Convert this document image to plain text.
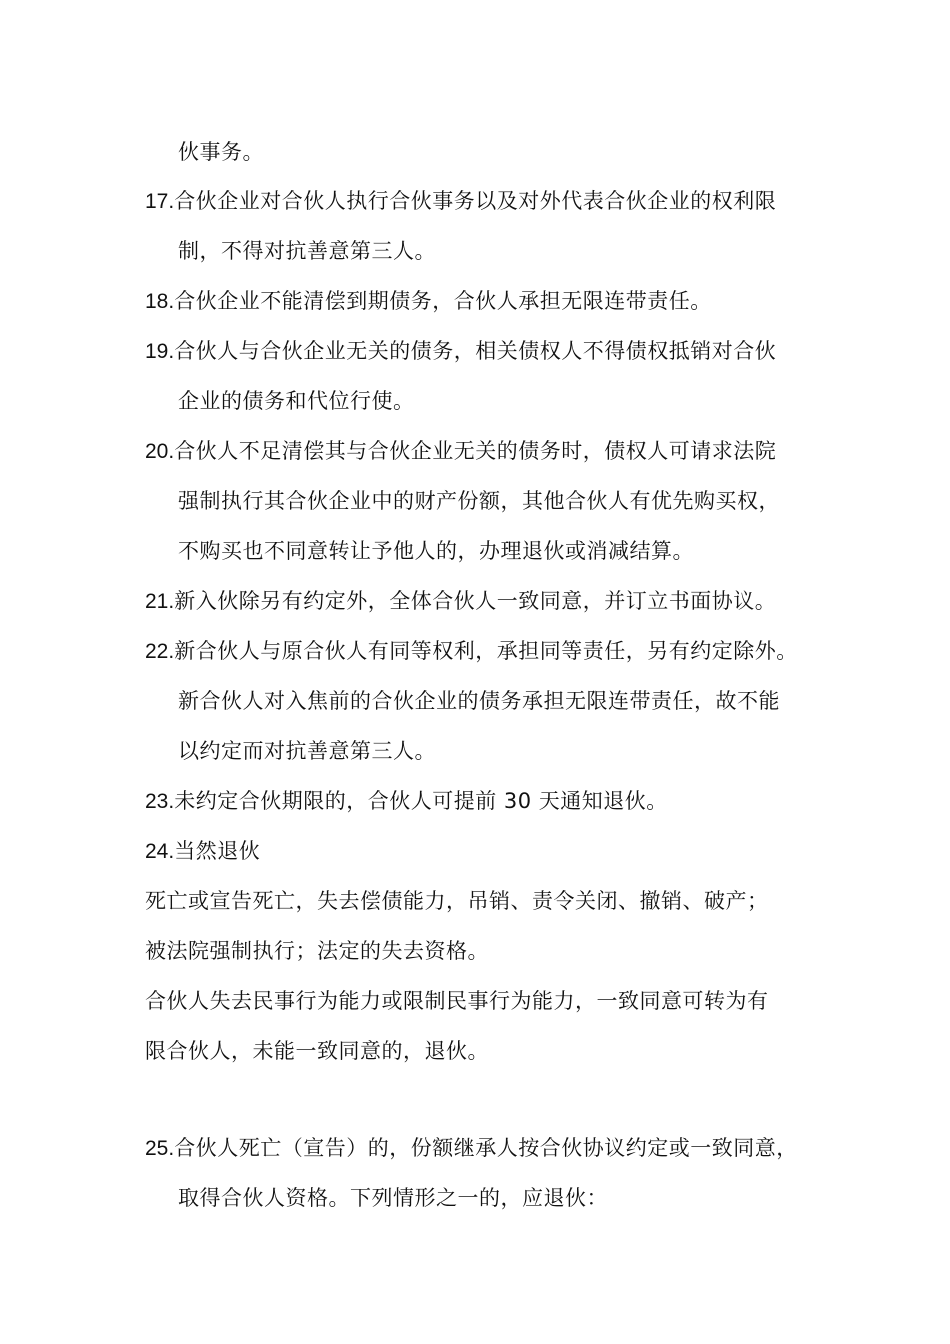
伙事务。
17.合伙企业对合伙人执行合伙事务以及对外代表合伙企业的权利限
制，不得对抗善意第三人。
18.合伙企业不能清偿到期债务，合伙人承担无限连带责任。
19.合伙人与合伙企业无关的债务，相关债权人不得债权抵销对合伙
企业的债务和代位行使。
20.合伙人不足清偿其与合伙企业无关的债务时，债权人可请求法院
强制执行其合伙企业中的财产份额，其他合伙人有优先购买权，
不购买也不同意转让予他人的，办理退伙或消减结算。
21.新入伙除另有约定外，全体合伙人一致同意，并订立书面协议。
22.新合伙人与原合伙人有同等权利，承担同等责任，另有约定除外。
新合伙人对入焦前的合伙企业的债务承担无限连带责任，故不能
以约定而对抗善意第三人。
23.未约定合伙期限的，合伙人可提前 30 天通知退伙。
24.当然退伙
死亡或宣告死亡，失去偿债能力，吊销、责令关闭、撤销、破产；
被法院强制执行；法定的失去资格。
合伙人失去民事行为能力或限制民事行为能力，一致同意可转为有
限合伙人，未能一致同意的，退伙。
25.合伙人死亡（宣告）的，份额继承人按合伙协议约定或一致同意，
取得合伙人资格。下列情形之一的，应退伙：
